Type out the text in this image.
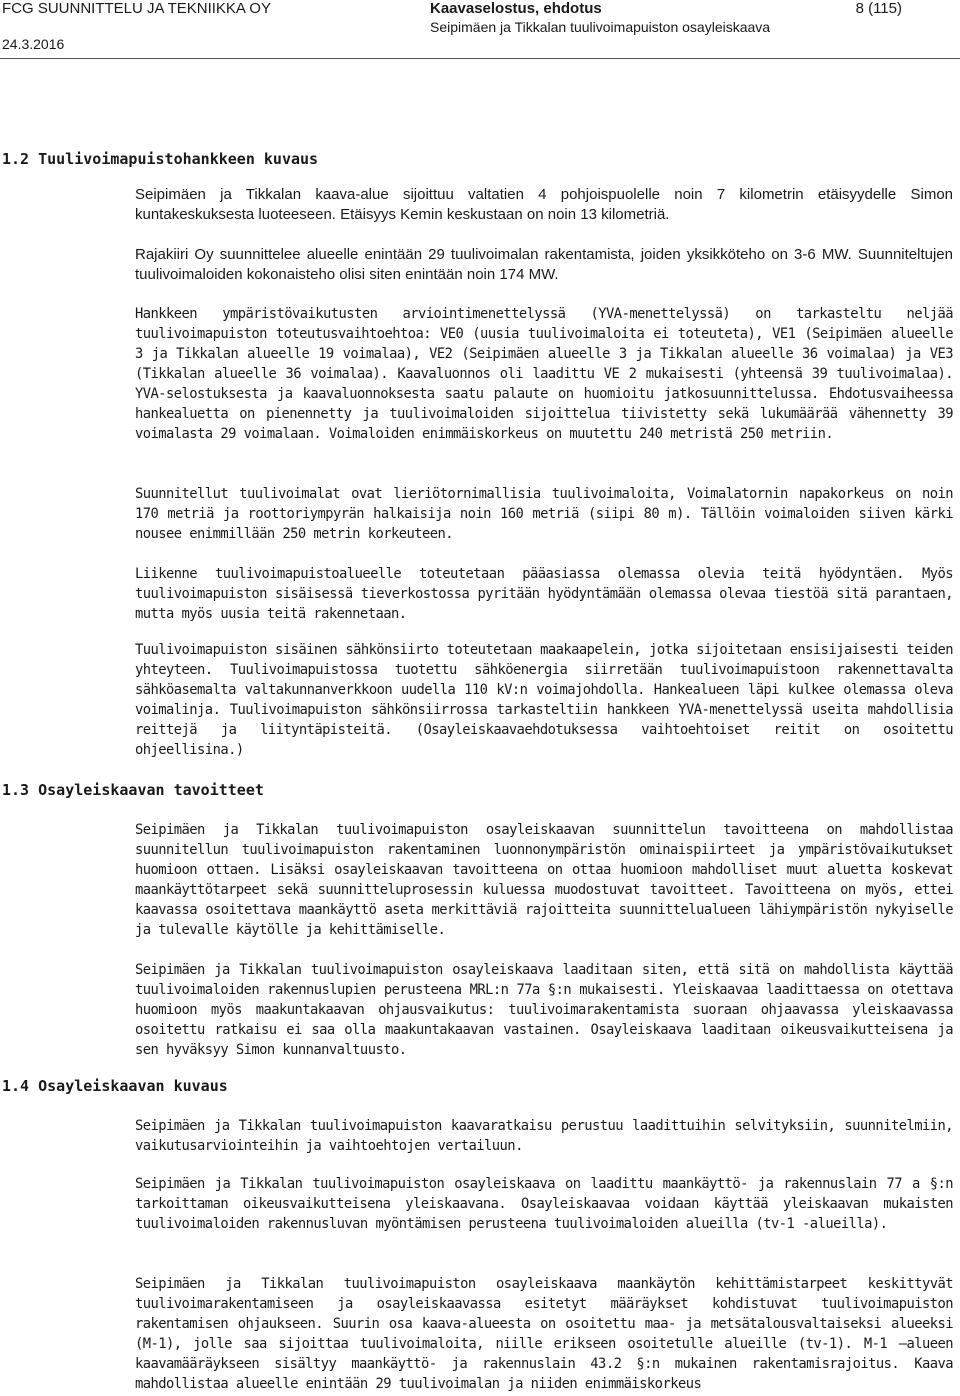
FCG SUUNNITTELU JA TEKNIIKKA OY
24.3.2016
Kaavaselostus, ehdotus
Seipimäen ja Tikkalan tuulivoimapuiston osayleiskaava
8 (115)
1.2 Tuulivoimapuistohankkeen kuvaus

Seipimäen ja Tikkalan kaava-alue sijoittuu valtatien 4 pohjoispuolelle noin 7 kilometrin etäisyydelle Simon kuntakeskuksesta luoteeseen. Etäisyys Kemin keskustaan on noin 13 kilometriä.

Rajakiiri Oy suunnittelee alueelle enintään 29 tuulivoimalan rakentamista, joiden yksikköteho on 3-6 MW. Suunniteltujen tuulivoimaloiden kokonaisteho olisi siten enintään noin 174 MW.

Hankkeen ympäristövaikutusten arviointimenettelyssä (YVA-menettelyssä) on tarkasteltu neljää tuulivoimapuiston toteutusvaihtoehtoa: VE0 (uusia tuulivoimaloita ei toteuteta), VE1 (Seipimäen alueelle 3 ja Tikkalan alueelle 19 voimalaa), VE2 (Seipimäen alueelle 3 ja Tikkalan alueelle 36 voimalaa) ja VE3 (Tikkalan alueelle 36 voimalaa). Kaavaluonnos oli laadittu VE 2 mukaisesti (yhteensä 39 tuulivoimalaa). YVA-selostuksesta ja kaavaluonnoksesta saatu palaute on huomioitu jatkosuunnittelussa. Ehdotusvaiheessa hankealuetta on pienennetty ja tuulivoimaloiden sijoittelua tiivistetty sekä lukumäärää vähennetty 39 voimalasta 29 voimalaan. Voimaloiden enimmäiskorkeus on muutettu 240 metristä 250 metriin.

Suunnitellut tuulivoimalat ovat lieriötornimallisia tuulivoimaloita, Voimalatornin napakorkeus on noin 170 metriä ja roottoriympyrän halkaisija noin 160 metriä (siipi 80 m). Tällöin voimaloiden siiven kärki nousee enimmillään 250 metrin korkeuteen.

Liikenne tuulivoimapuistoalueelle toteutetaan pääasiassa olemassa olevia teitä hyödyntäen. Myös tuulivoimapuiston sisäisessä tieverkostossa pyritään hyödyntämään olemassa olevaa tiestöä sitä parantaen, mutta myös uusia teitä rakennetaan.

Tuulivoimapuiston sisäinen sähkönsiirto toteutetaan maakaapelein, jotka sijoitetaan ensisijaisesti teiden yhteyteen. Tuulivoimapuistossa tuotettu sähköenergia siirretään tuulivoimapuistoon rakennettavalta sähköasemalta valtakunnanverkkoon uudella 110 kV:n voimajohdolla. Hankealueen läpi kulkee olemassa oleva voimalinja. Tuulivoimapuiston sähkönsiirrossa tarkasteltiin hankkeen YVA-menettelyssä useita mahdollisia reittejä ja liityntäpisteitä. (Osayleiskaavaehdotuksessa vaihtoehtoiset reitit on osoitettu ohjeellisina.)

1.3 Osayleiskaavan tavoitteet

Seipimäen ja Tikkalan tuulivoimapuiston osayleiskaavan suunnittelun tavoitteena on mahdollistaa suunnitellun tuulivoimapuiston rakentaminen luonnonympäristön ominaispiirteet ja ympäristövaikutukset huomioon ottaen. Lisäksi osayleiskaavan tavoitteena on ottaa huomioon mahdolliset muut aluetta koskevat maankäyttötarpeet sekä suunnitteluprosessin kuluessa muodostuvat tavoitteet. Tavoitteena on myös, ettei kaavassa osoitettava maankäyttö aseta merkittäviä rajoitteita suunnittelualueen lähiympäristön nykyiselle ja tulevalle käytölle ja kehittämiselle.

Seipimäen ja Tikkalan tuulivoimapuiston osayleiskaava laaditaan siten, että sitä on mahdollista käyttää tuulivoimaloiden rakennuslupien perusteena MRL:n 77a §:n mukaisesti. Yleiskaavaa laadittaessa on otettava huomioon myös maakuntakaavan ohjausvaikutus: tuulivoimarakentamista suoraan ohjaavassa yleiskaavassa osoitettu ratkaisu ei saa olla maakuntakaavan vastainen. Osayleiskaava laaditaan oikeusvaikutteisena ja sen hyväksyy Simon kunnanvaltuusto.

1.4 Osayleiskaavan kuvaus

Seipimäen ja Tikkalan tuulivoimapuiston kaavaratkaisu perustuu laadittuihin selvityksiin, suunnitelmiin, vaikutusarviointeihin ja vaihtoehtojen vertailuun.

Seipimäen ja Tikkalan tuulivoimapuiston osayleiskaava on laadittu maankäyttö- ja rakennuslain 77 a §:n tarkoittaman oikeusvaikutteisena yleiskaavana. Osayleiskaavaa voidaan käyttää yleiskaavan mukaisten tuulivoimaloiden rakennusluvan myöntämisen perusteena tuulivoimaloiden alueilla (tv-1 -alueilla).

Seipimäen ja Tikkalan tuulivoimapuiston osayleiskaava maankäytön kehittämistarpeet keskittyvät tuulivoimarakentamiseen ja osayleiskaavassa esitetyt määräykset kohdistuvat tuulivoimapuiston rakentamisen ohjaukseen. Suurin osa kaava-alueesta on osoitettu maa- ja metsätalousvaltaiseksi alueeksi (M-1), jolle saa sijoittaa tuulivoimaloita, niille erikseen osoitetulle alueille (tv-1). M-1 –alueen kaavamääräykseen sisältyy maankäyttö- ja rakennuslain 43.2 §:n mukainen rakentamisrajoitus. Kaava mahdollistaa alueelle enintään 29 tuulivoimalan ja niiden enimmäiskorkeus
